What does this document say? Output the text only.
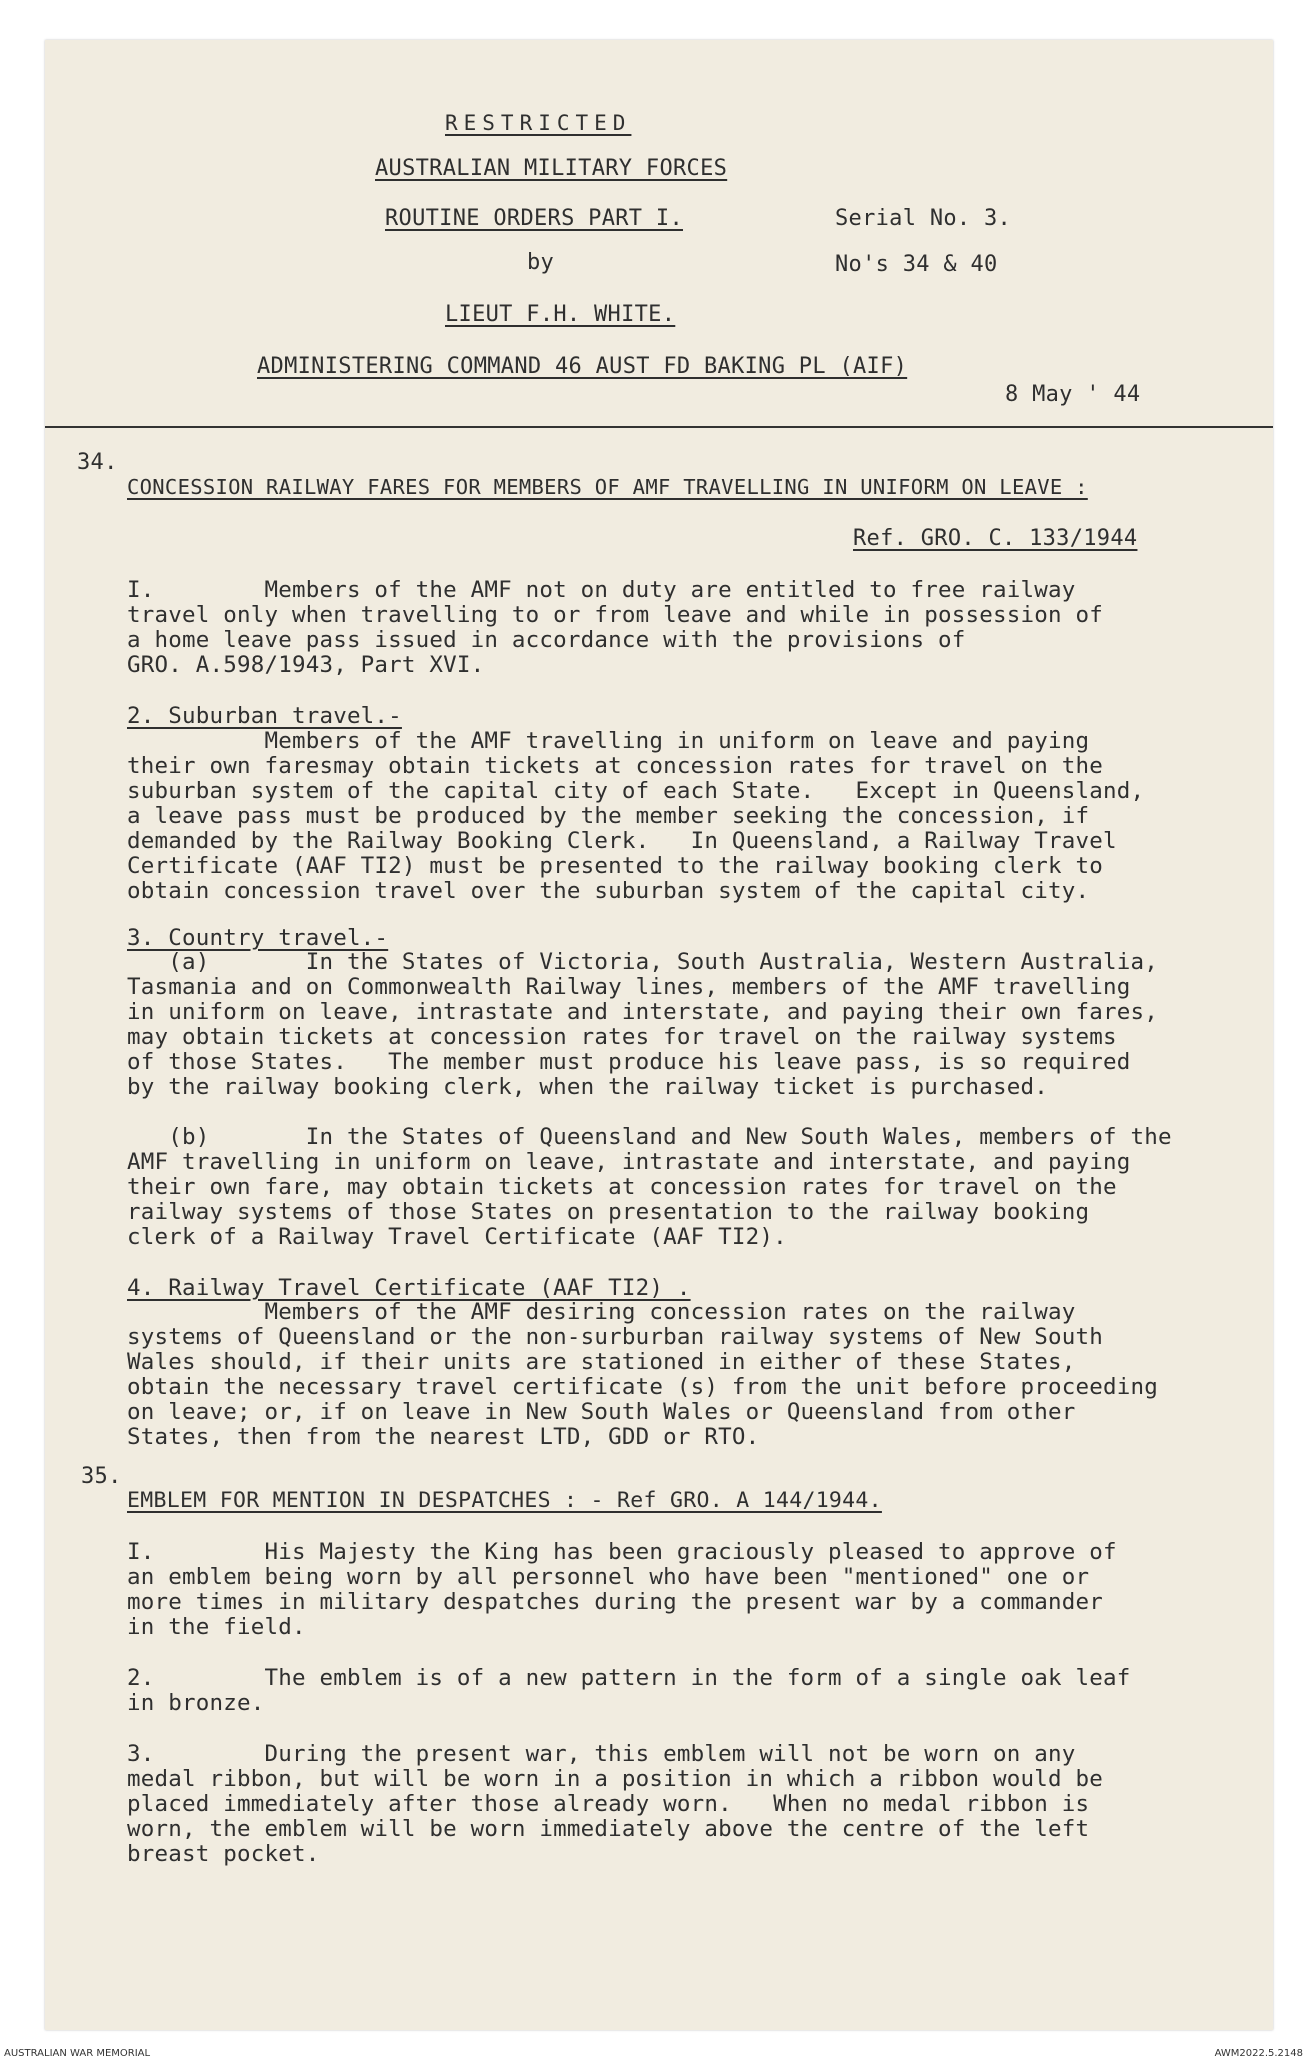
RESTRICTED
AUSTRALIAN MILITARY FORCES
ROUTINE ORDERS PART I.	Serial No. 3.
by	No's 34 & 40
LIEUT F.H. WHITE.
ADMINISTERING COMMAND 46 AUST FD BAKING PL (AIF)
8 May ' 44
34.
CONCESSION RAILWAY FARES FOR MEMBERS OF AMF TRAVELLING IN UNIFORM ON LEAVE :
Ref. GRO. C. 133/1944
I.        Members of the AMF not on duty are entitled to free railway
travel only when travelling to or from leave and while in possession of
a home leave pass issued in accordance with the provisions of
GRO. A.598/1943, Part XVI.
2. Suburban travel.-
Members of the AMF travelling in uniform on leave and paying
their own faresmay obtain tickets at concession rates for travel on the
suburban system of the capital city of each State.   Except in Queensland,
a leave pass must be produced by the member seeking the concession, if
demanded by the Railway Booking Clerk.   In Queensland, a Railway Travel
Certificate (AAF TI2) must be presented to the railway booking clerk to
obtain concession travel over the suburban system of the capital city.
3. Country travel.-
(a)       In the States of Victoria, South Australia, Western Australia,
Tasmania and on Commonwealth Railway lines, members of the AMF travelling
in uniform on leave, intrastate and interstate, and paying their own fares,
may obtain tickets at concession rates for travel on the railway systems
of those States.   The member must produce his leave pass, is so required
by the railway booking clerk, when the railway ticket is purchased.
(b)       In the States of Queensland and New South Wales, members of the
AMF travelling in uniform on leave, intrastate and interstate, and paying
their own fare, may obtain tickets at concession rates for travel on the
railway systems of those States on presentation to the railway booking
clerk of a Railway Travel Certificate (AAF TI2).
4. Railway Travel Certificate (AAF TI2) .
Members of the AMF desiring concession rates on the railway
systems of Queensland or the non-surburban railway systems of New South
Wales should, if their units are stationed in either of these States,
obtain the necessary travel certificate (s) from the unit before proceeding
on leave; or, if on leave in New South Wales or Queensland from other
States, then from the nearest LTD, GDD or RTO.
35.
EMBLEM FOR MENTION IN DESPATCHES : - Ref GRO. A 144/1944.
I.        His Majesty the King has been graciously pleased to approve of
an emblem being worn by all personnel who have been "mentioned" one or
more times in military despatches during the present war by a commander
in the field.
2.        The emblem is of a new pattern in the form of a single oak leaf
in bronze.
3.        During the present war, this emblem will not be worn on any
medal ribbon, but will be worn in a position in which a ribbon would be
placed immediately after those already worn.   When no medal ribbon is
worn, the emblem will be worn immediately above the centre of the left
breast pocket.
AUSTRALIAN WAR MEMORIAL	AWM2022.5.2148
